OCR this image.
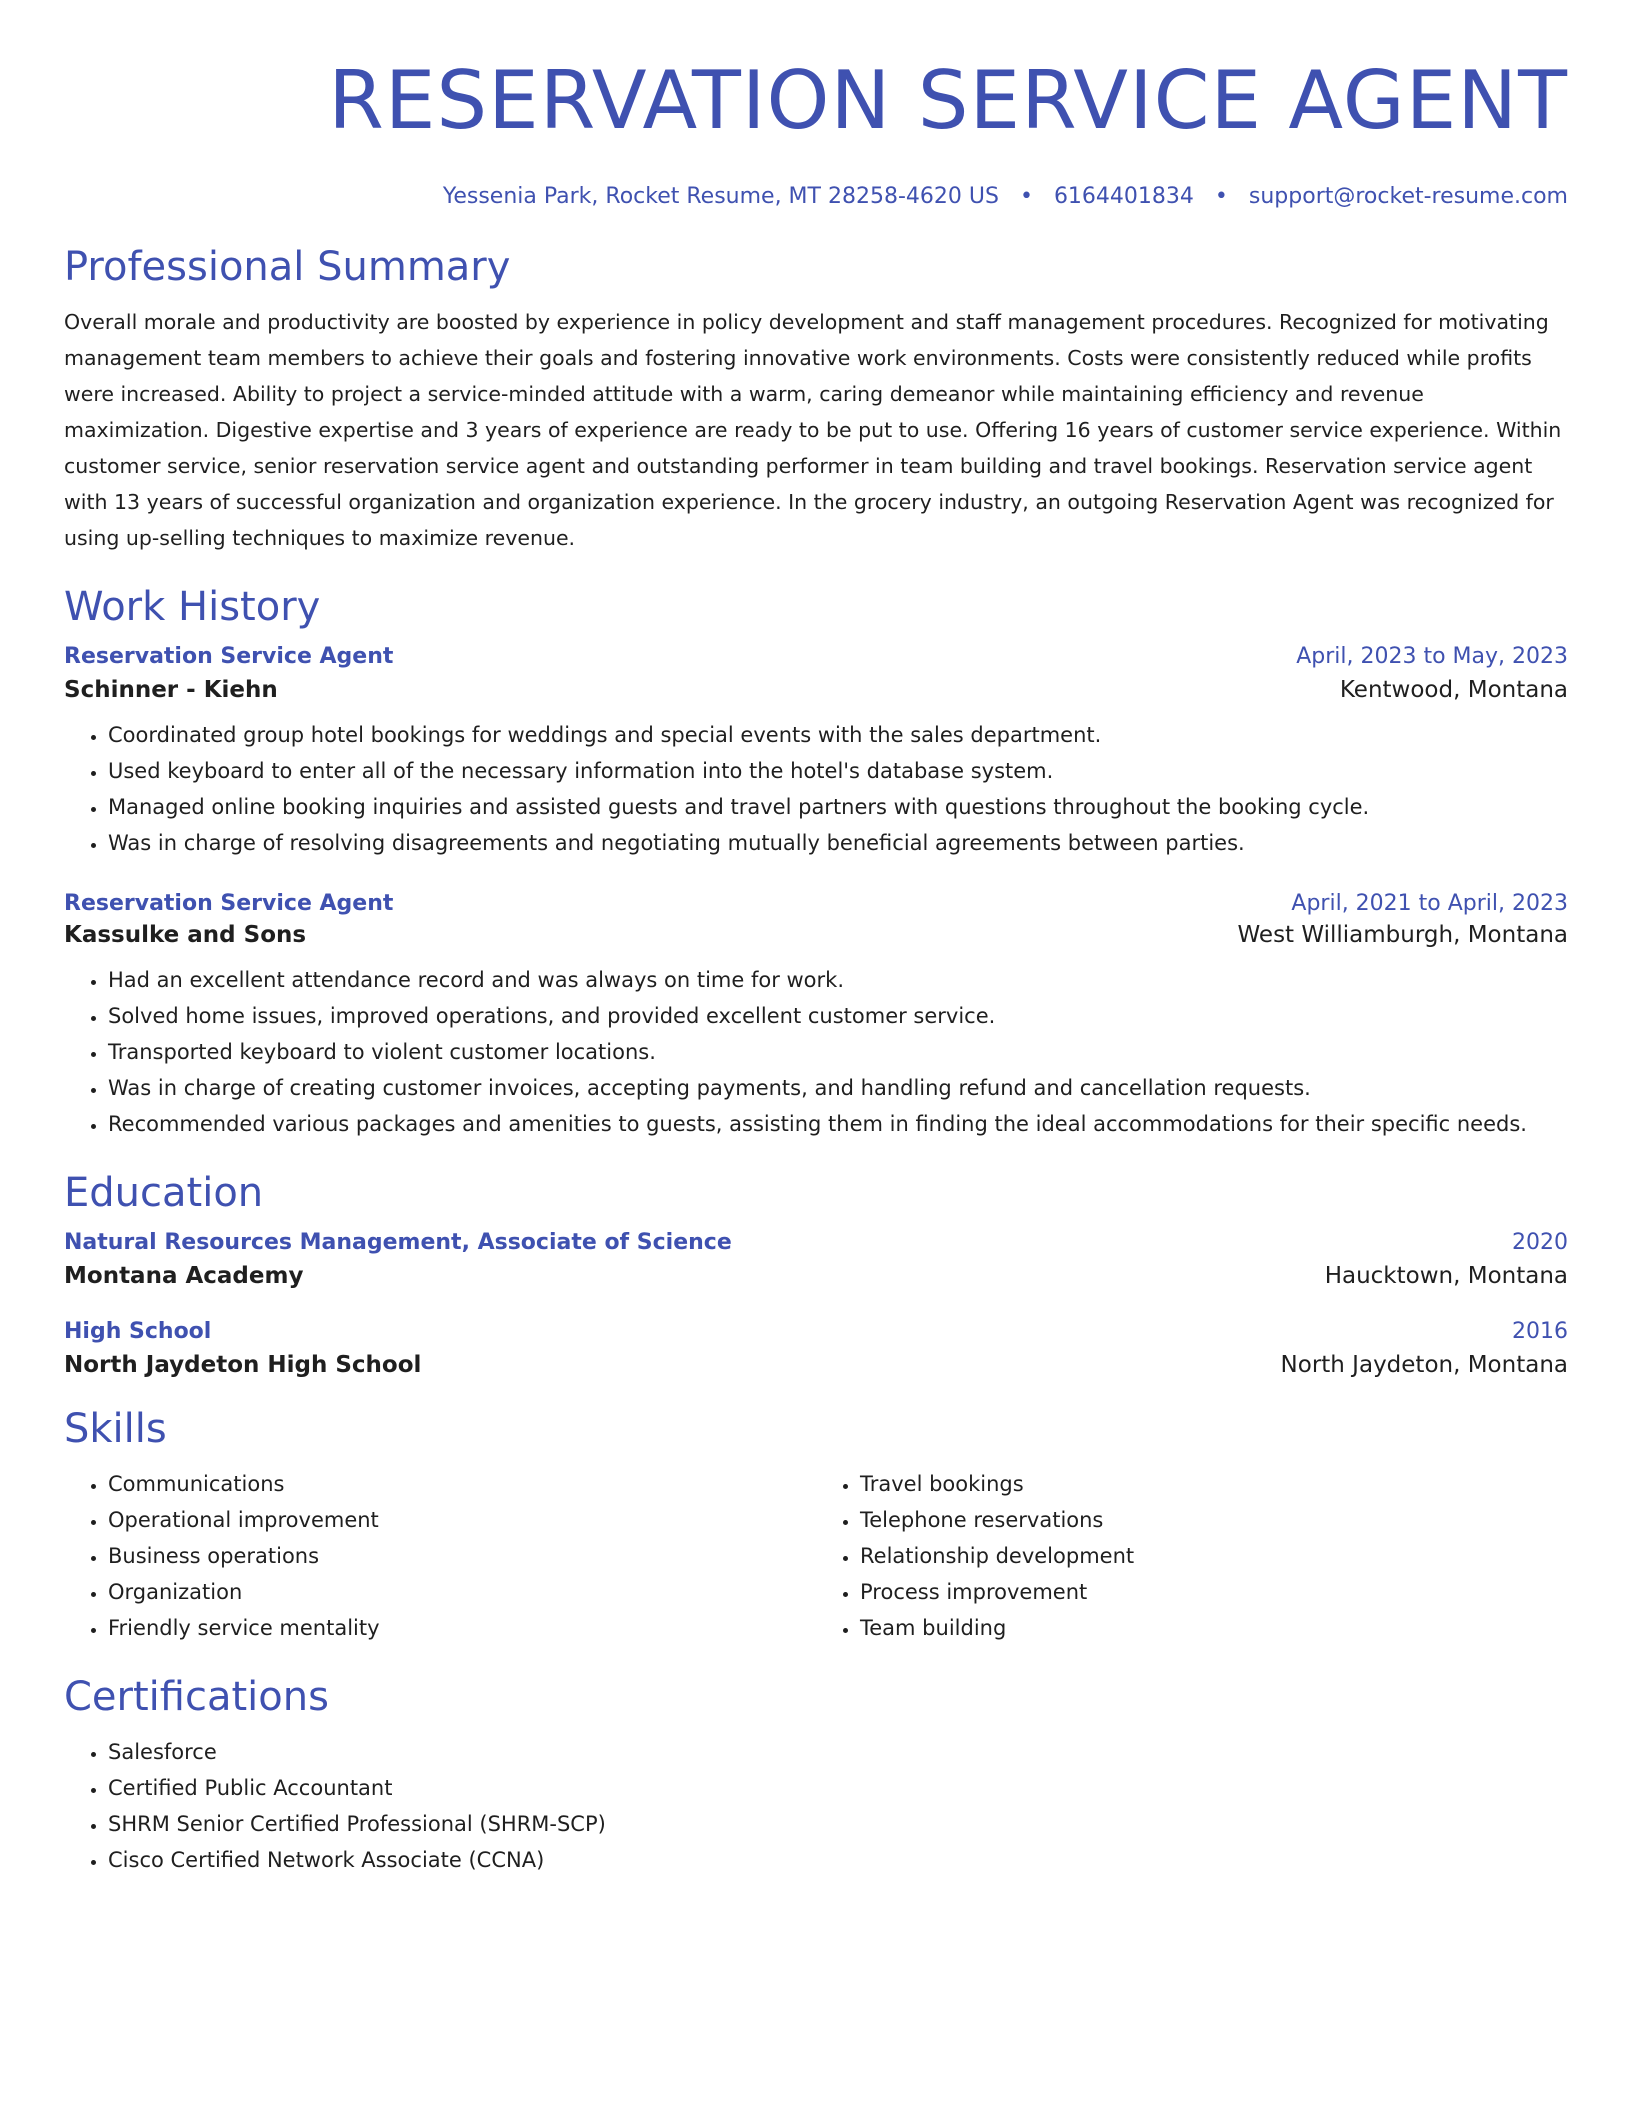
RESERVATION SERVICE AGENT
Yessenia Park, Rocket Resume, MT 28258-4620 US • 6164401834 • support@rocket-resume.com
Professional Summary

Overall morale and productivity are boosted by experience in policy development and staff management procedures. Recognized for motivating management team members to achieve their goals and fostering innovative work environments. Costs were consistently reduced while profits were increased. Ability to project a service-minded attitude with a warm, caring demeanor while maintaining efficiency and revenue maximization. Digestive expertise and 3 years of experience are ready to be put to use. Offering 16 years of customer service experience. Within customer service, senior reservation service agent and outstanding performer in team building and travel bookings. Reservation service agent with 13 years of successful organization and organization experience. In the grocery industry, an outgoing Reservation Agent was recognized for using up-selling techniques to maximize revenue.

Work History
Reservation Service Agent	April, 2023 to May, 2023
Schinner - Kiehn	Kentwood, Montana
• Coordinated group hotel bookings for weddings and special events with the sales department.
• Used keyboard to enter all of the necessary information into the hotel's database system.
• Managed online booking inquiries and assisted guests and travel partners with questions throughout the booking cycle.
• Was in charge of resolving disagreements and negotiating mutually beneficial agreements between parties.
Reservation Service Agent	April, 2021 to April, 2023
Kassulke and Sons	West Williamburgh, Montana
• Had an excellent attendance record and was always on time for work.
• Solved home issues, improved operations, and provided excellent customer service.
• Transported keyboard to violent customer locations.
• Was in charge of creating customer invoices, accepting payments, and handling refund and cancellation requests.
• Recommended various packages and amenities to guests, assisting them in finding the ideal accommodations for their specific needs.
Education
Natural Resources Management, Associate of Science	2020
Montana Academy	Haucktown, Montana
High School	2016
North Jaydeton High School	North Jaydeton, Montana
Skills
• Communications
• Operational improvement
• Business operations
• Organization
• Friendly service mentality
• Travel bookings
• Telephone reservations
• Relationship development
• Process improvement
• Team building
Certifications
• Salesforce
• Certified Public Accountant
• SHRM Senior Certified Professional (SHRM-SCP)
• Cisco Certified Network Associate (CCNA)
